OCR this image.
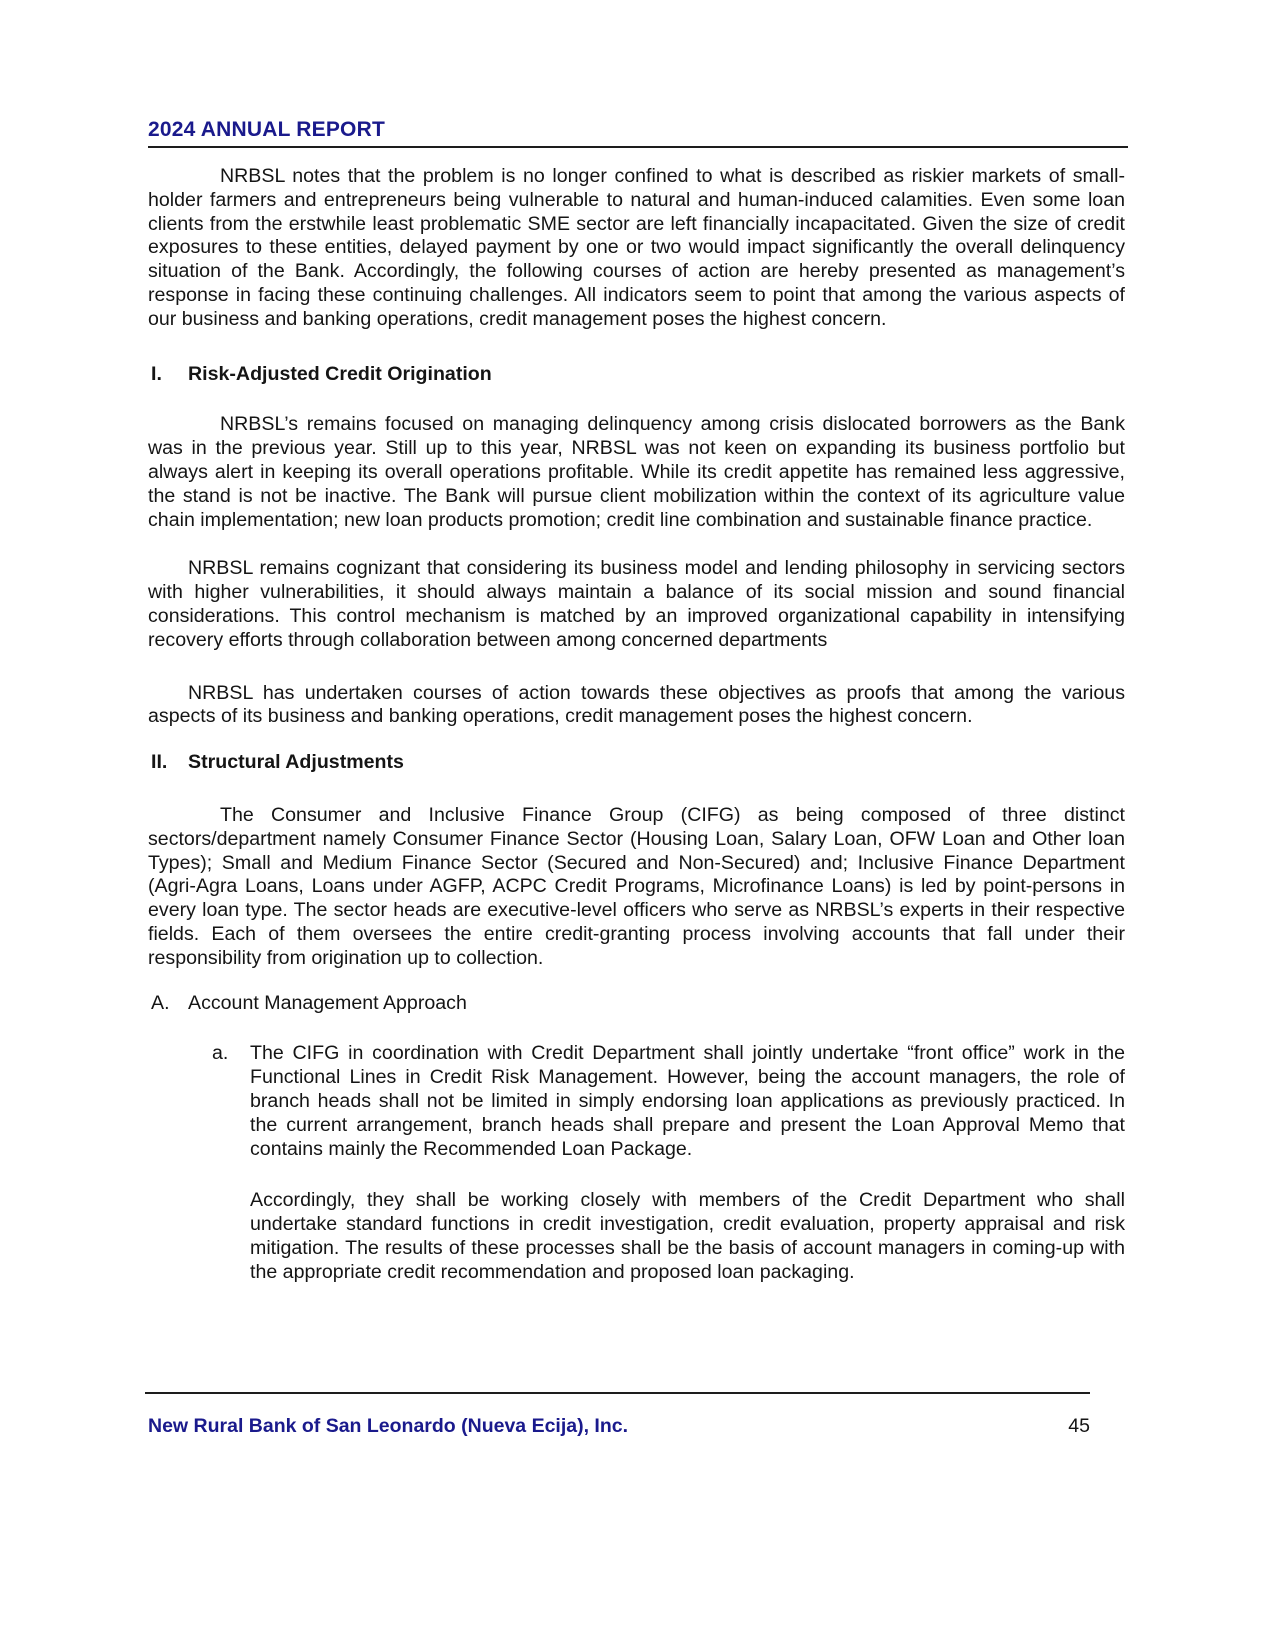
2024 ANNUAL REPORT

NRBSL notes that the problem is no longer confined to what is described as riskier markets of small-holder farmers and entrepreneurs being vulnerable to natural and human-induced calamities. Even some loan clients from the erstwhile least problematic SME sector are left financially incapacitated. Given the size of credit exposures to these entities, delayed payment by one or two would impact significantly the overall delinquency situation of the Bank. Accordingly, the following courses of action are hereby presented as management’s response in facing these continuing challenges. All indicators seem to point that among the various aspects of our business and banking operations, credit management poses the highest concern.

I. Risk-Adjusted Credit Origination

NRBSL’s remains focused on managing delinquency among crisis dislocated borrowers as the Bank was in the previous year. Still up to this year, NRBSL was not keen on expanding its business portfolio but always alert in keeping its overall operations profitable. While its credit appetite has remained less aggressive, the stand is not be inactive. The Bank will pursue client mobilization within the context of its agriculture value chain implementation; new loan products promotion; credit line combination and sustainable finance practice.

NRBSL remains cognizant that considering its business model and lending philosophy in servicing sectors with higher vulnerabilities, it should always maintain a balance of its social mission and sound financial considerations. This control mechanism is matched by an improved organizational capability in intensifying recovery efforts through collaboration between among concerned departments

NRBSL has undertaken courses of action towards these objectives as proofs that among the various aspects of its business and banking operations, credit management poses the highest concern.

II. Structural Adjustments

The Consumer and Inclusive Finance Group (CIFG) as being composed of three distinct sectors/department namely Consumer Finance Sector (Housing Loan, Salary Loan, OFW Loan and Other loan Types); Small and Medium Finance Sector (Secured and Non-Secured) and; Inclusive Finance Department (Agri-Agra Loans, Loans under AGFP, ACPC Credit Programs, Microfinance Loans) is led by point-persons in every loan type. The sector heads are executive-level officers who serve as NRBSL’s experts in their respective fields. Each of them oversees the entire credit-granting process involving accounts that fall under their responsibility from origination up to collection.

A. Account Management Approach
a. The CIFG in coordination with Credit Department shall jointly undertake “front office” work in the Functional Lines in Credit Risk Management. However, being the account managers, the role of branch heads shall not be limited in simply endorsing loan applications as previously practiced. In the current arrangement, branch heads shall prepare and present the Loan Approval Memo that contains mainly the Recommended Loan Package.

Accordingly, they shall be working closely with members of the Credit Department who shall undertake standard functions in credit investigation, credit evaluation, property appraisal and risk mitigation. The results of these processes shall be the basis of account managers in coming-up with the appropriate credit recommendation and proposed loan packaging.

New Rural Bank of San Leonardo (Nueva Ecija), Inc.	45
